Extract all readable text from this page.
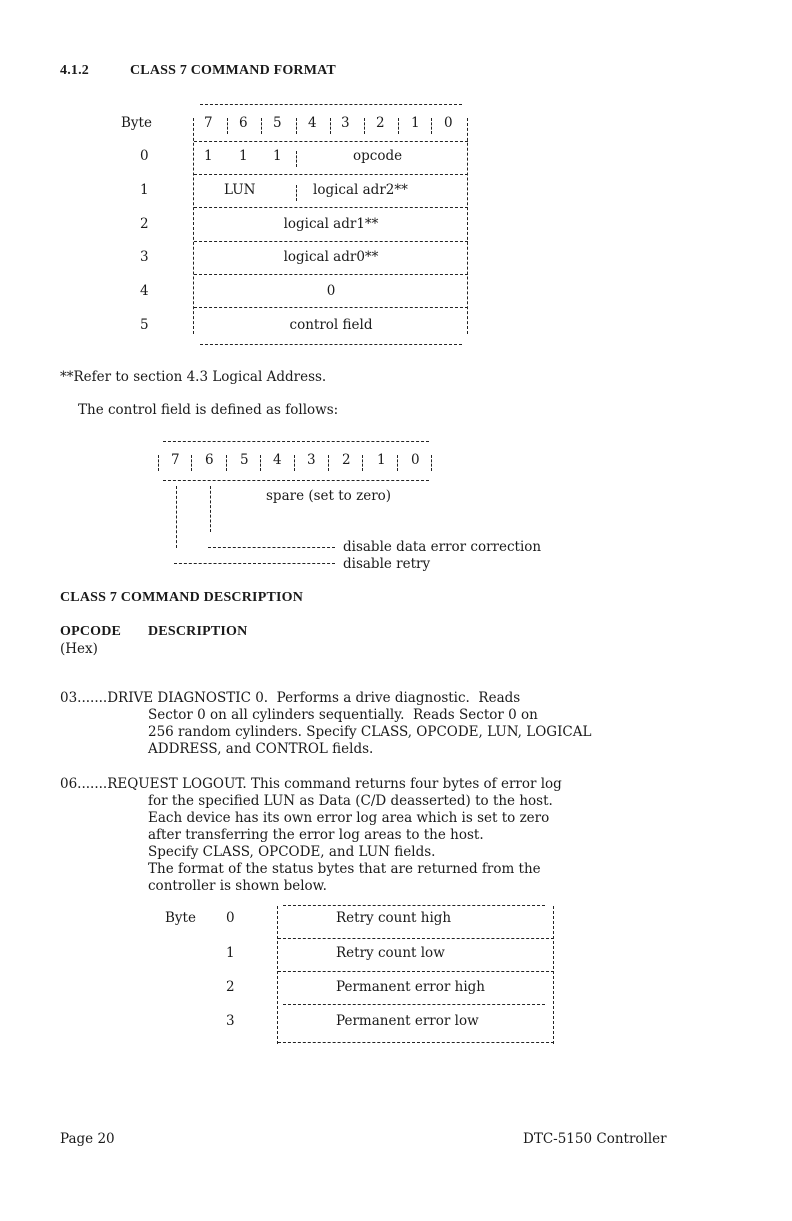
4.1.2	CLASS 7 COMMAND FORMAT
Byte	7 6 5 4 3 2 1 0
0	1 1 1	opcode
1	LUN	logical adr2**
2	logical adr1**
3	logical adr0**
4	0
5	control field
**Refer to section 4.3 Logical Address.
The control field is defined as follows:
7 6 5 4 3 2 1 0
spare (set to zero)
disable data error correction
disable retry
CLASS 7 COMMAND DESCRIPTION
OPCODE DESCRIPTION
(Hex)
03.......DRIVE DIAGNOSTIC 0.  Performs a drive diagnostic.  Reads
Sector 0 on all cylinders sequentially.  Reads Sector 0 on
256 random cylinders. Specify CLASS, OPCODE, LUN, LOGICAL
ADDRESS, and CONTROL fields.
06.......REQUEST LOGOUT. This command returns four bytes of error log
for the specified LUN as Data (C/D deasserted) to the host.
Each device has its own error log area which is set to zero
after transferring the error log areas to the host.
Specify CLASS, OPCODE, and LUN fields.
The format of the status bytes that are returned from the
controller is shown below.
Byte 0	Retry count high
1	Retry count low
2	Permanent error high
3	Permanent error low
Page 20	DTC-5150 Controller
